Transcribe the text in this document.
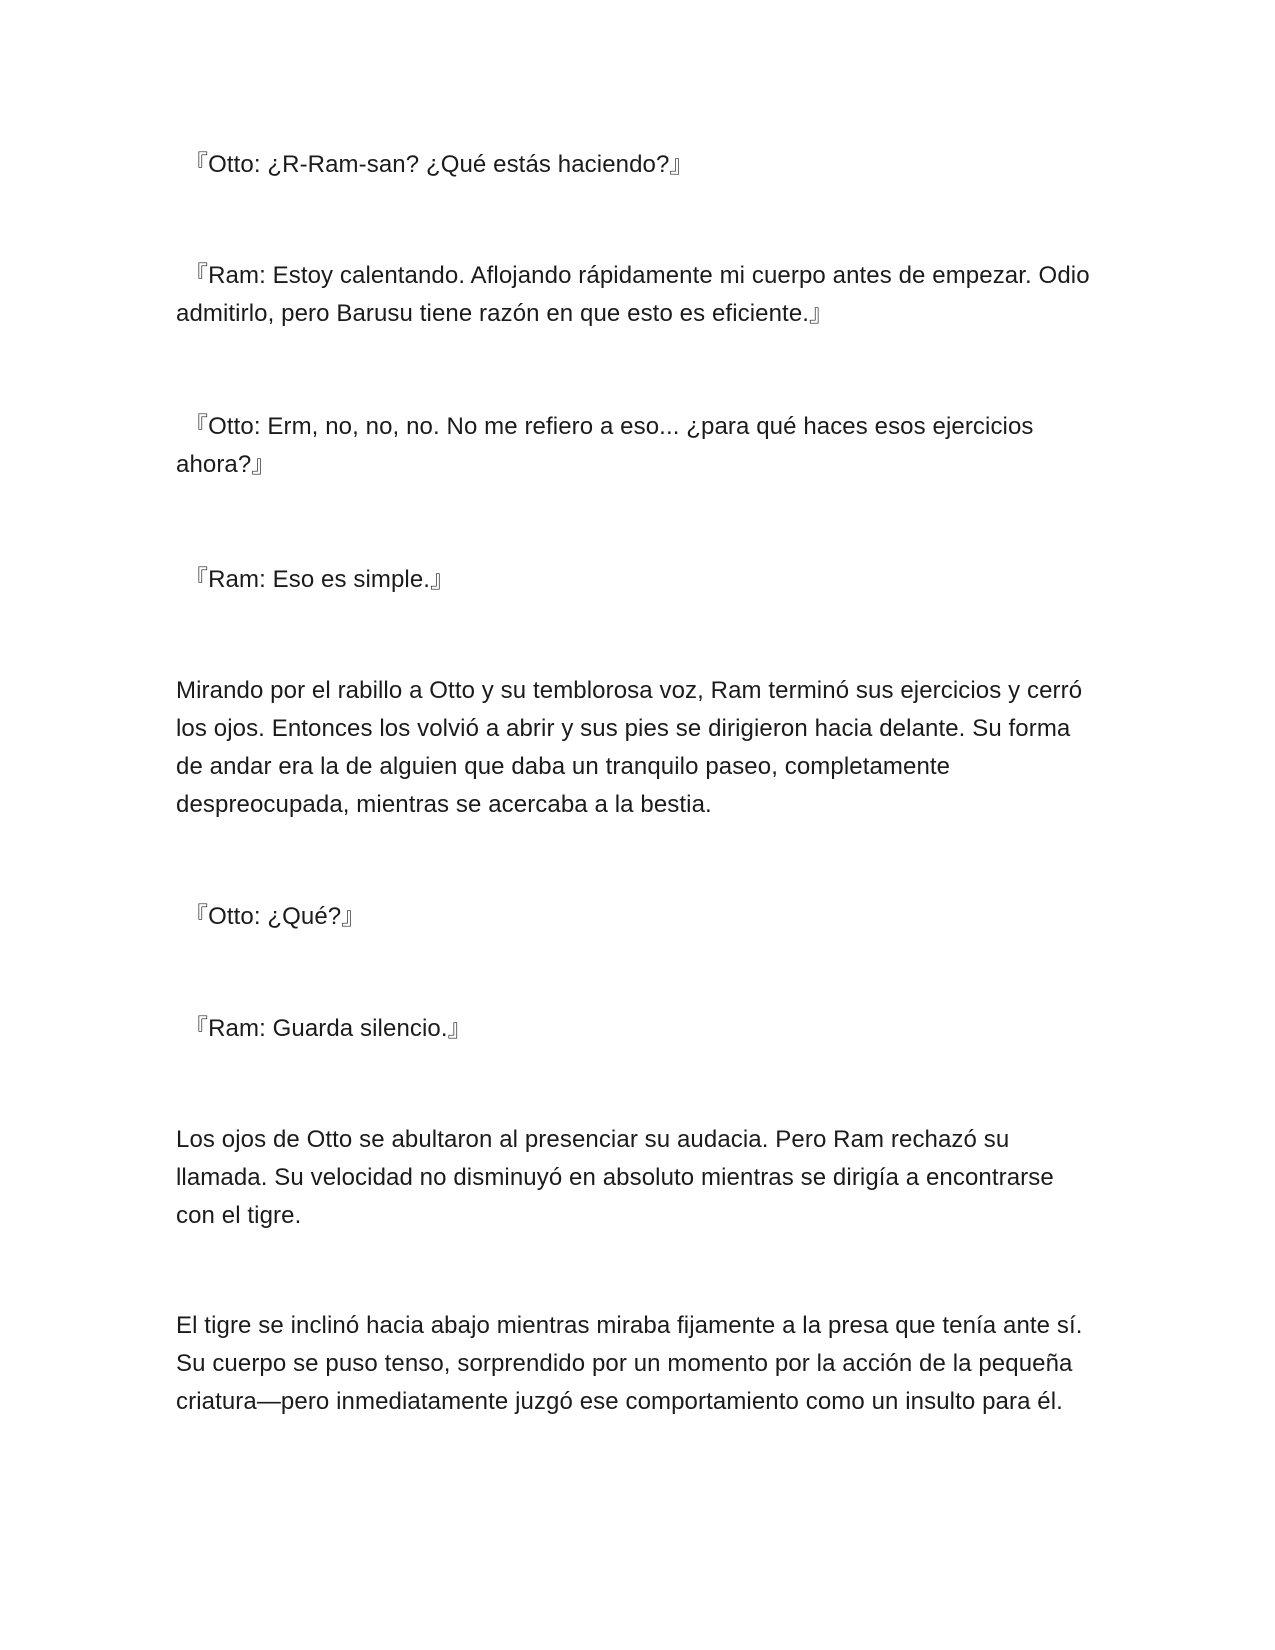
『Otto: ¿R-Ram-san? ¿Qué estás haciendo?』

『Ram: Estoy calentando. Aflojando rápidamente mi cuerpo antes de empezar. Odio admitirlo, pero Barusu tiene razón en que esto es eficiente.』

『Otto: Erm, no, no, no. No me refiero a eso... ¿para qué haces esos ejercicios ahora?』

『Ram: Eso es simple.』

Mirando por el rabillo a Otto y su temblorosa voz, Ram terminó sus ejercicios y cerró los ojos. Entonces los volvió a abrir y sus pies se dirigieron hacia delante. Su forma de andar era la de alguien que daba un tranquilo paseo, completamente despreocupada, mientras se acercaba a la bestia.

『Otto: ¿Qué?』

『Ram: Guarda silencio.』

Los ojos de Otto se abultaron al presenciar su audacia. Pero Ram rechazó su llamada. Su velocidad no disminuyó en absoluto mientras se dirigía a encontrarse con el tigre.

El tigre se inclinó hacia abajo mientras miraba fijamente a la presa que tenía ante sí. Su cuerpo se puso tenso, sorprendido por un momento por la acción de la pequeña criatura—pero inmediatamente juzgó ese comportamiento como un insulto para él.
